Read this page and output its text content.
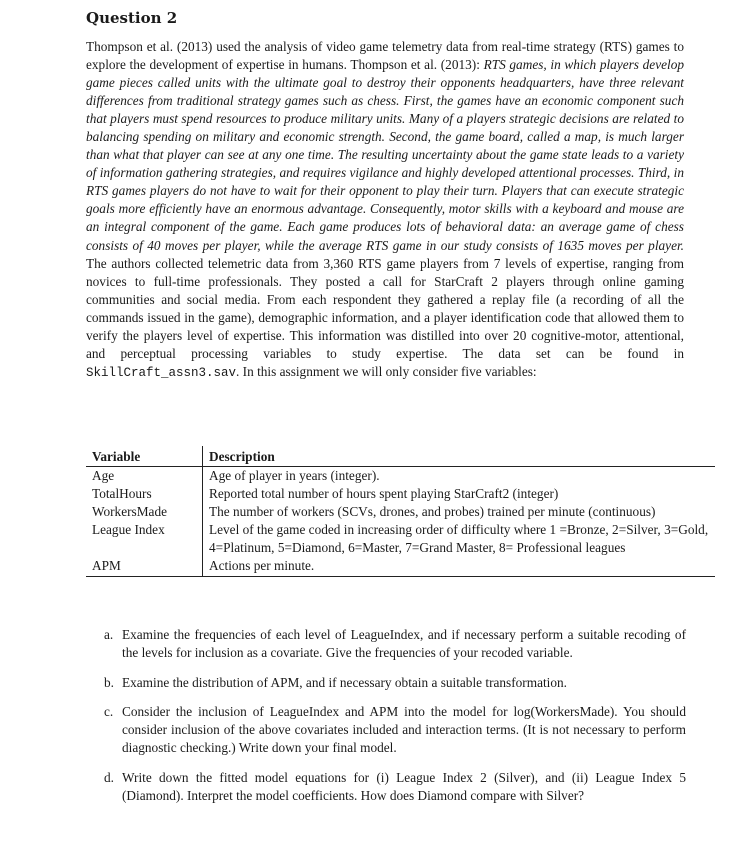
Question 2
Thompson et al. (2013) used the analysis of video game telemetry data from real-time strategy (RTS) games to explore the development of expertise in humans. Thompson et al. (2013): RTS games, in which players develop game pieces called units with the ultimate goal to destroy their opponents headquarters, have three relevant differences from traditional strategy games such as chess. First, the games have an economic component such that players must spend resources to produce military units. Many of a players strategic decisions are related to balancing spending on military and economic strength. Second, the game board, called a map, is much larger than what that player can see at any one time. The resulting uncertainty about the game state leads to a variety of information gathering strategies, and requires vigilance and highly developed attentional processes. Third, in RTS games players do not have to wait for their opponent to play their turn. Players that can execute strategic goals more efficiently have an enormous advantage. Consequently, motor skills with a keyboard and mouse are an integral component of the game. Each game produces lots of behavioral data: an average game of chess consists of 40 moves per player, while the average RTS game in our study consists of 1635 moves per player. The authors collected telemetric data from 3,360 RTS game players from 7 levels of expertise, ranging from novices to full-time professionals. They posted a call for StarCraft 2 players through online gaming communities and social media. From each respondent they gathered a replay file (a recording of all the commands issued in the game), demographic information, and a player identification code that allowed them to verify the players level of expertise. This information was distilled into over 20 cognitive-motor, attentional, and perceptual processing variables to study expertise. The data set can be found in SkillCraft_assn3.sav. In this assignment we will only consider five variables:
Variable	Description
Age	Age of player in years (integer).
TotalHours	Reported total number of hours spent playing StarCraft2 (integer)
WorkersMade	The number of workers (SCVs, drones, and probes) trained per minute (continuous)
League Index	Level of the game coded in increasing order of difficulty where 1 =Bronze, 2=Silver, 3=Gold, 4=Platinum, 5=Diamond, 6=Master, 7=Grand Master, 8= Professional leagues
APM	Actions per minute.
a. Examine the frequencies of each level of LeagueIndex, and if necessary perform a suitable recoding of the levels for inclusion as a covariate. Give the frequencies of your recoded variable.
b. Examine the distribution of APM, and if necessary obtain a suitable transformation.
c. Consider the inclusion of LeagueIndex and APM into the model for log(WorkersMade). You should consider inclusion of the above covariates included and interaction terms. (It is not necessary to perform diagnostic checking.) Write down your final model.
d. Write down the fitted model equations for (i) League Index 2 (Silver), and (ii) League Index 5 (Diamond). Interpret the model coefficients. How does Diamond compare with Silver?
